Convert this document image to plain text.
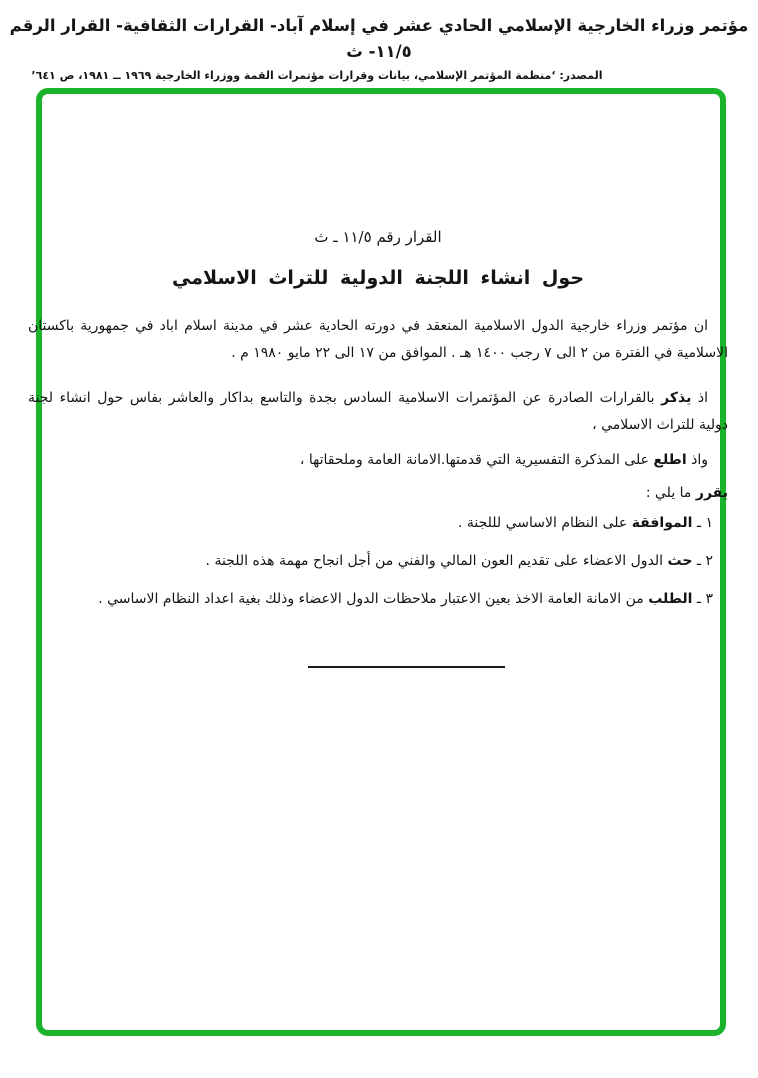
مؤتمر وزراء الخارجية الإسلامي الحادي عشر في إسلام آباد- القرارات الثقافية- القرار الرقم ١١/٥- ث
المصدر: ‘منظمة المؤتمر الإسلامي، بيانات وقرارات مؤتمرات القمة ووزراء الخارجية ١٩٦٩ ــ ١٩٨١، ص ٦٤١’
القرار رقم ١١/٥ ـ ث
حول انشاء اللجنة الدولية للتراث الاسلامي

ان مؤتمر وزراء خارجية الدول الاسلامية المنعقد في دورته الحادية عشر في مدينة اسلام اباد في جمهورية باكستان الاسلامية في الفترة من ٢ الى ٧ رجب ١٤٠٠ هـ . الموافق من ١٧ الى ٢٢ مايو ١٩٨٠ م .

اذ يذكر بالقرارات الصادرة عن المؤتمرات الاسلامية السادس بجدة والتاسع بداكار والعاشر بفاس حول انشاء لجنة دولية للتراث الاسلامي ،

واذ اطلع على المذكرة التفسيرية التي قدمتها.الامانة العامة وملحقاتها ،

يقرر ما يلي :

١ ـ الموافقة على النظام الاساسي لللجنة .

٢ ـ حث الدول الاعضاء على تقديم العون المالي والفني من أجل انجاح مهمة هذه اللجنة .

٣ ـ الطلب من الامانة العامة الاخذ بعين الاعتبار ملاحظات الدول الاعضاء وذلك بغية اعداد النظام الاساسي .
